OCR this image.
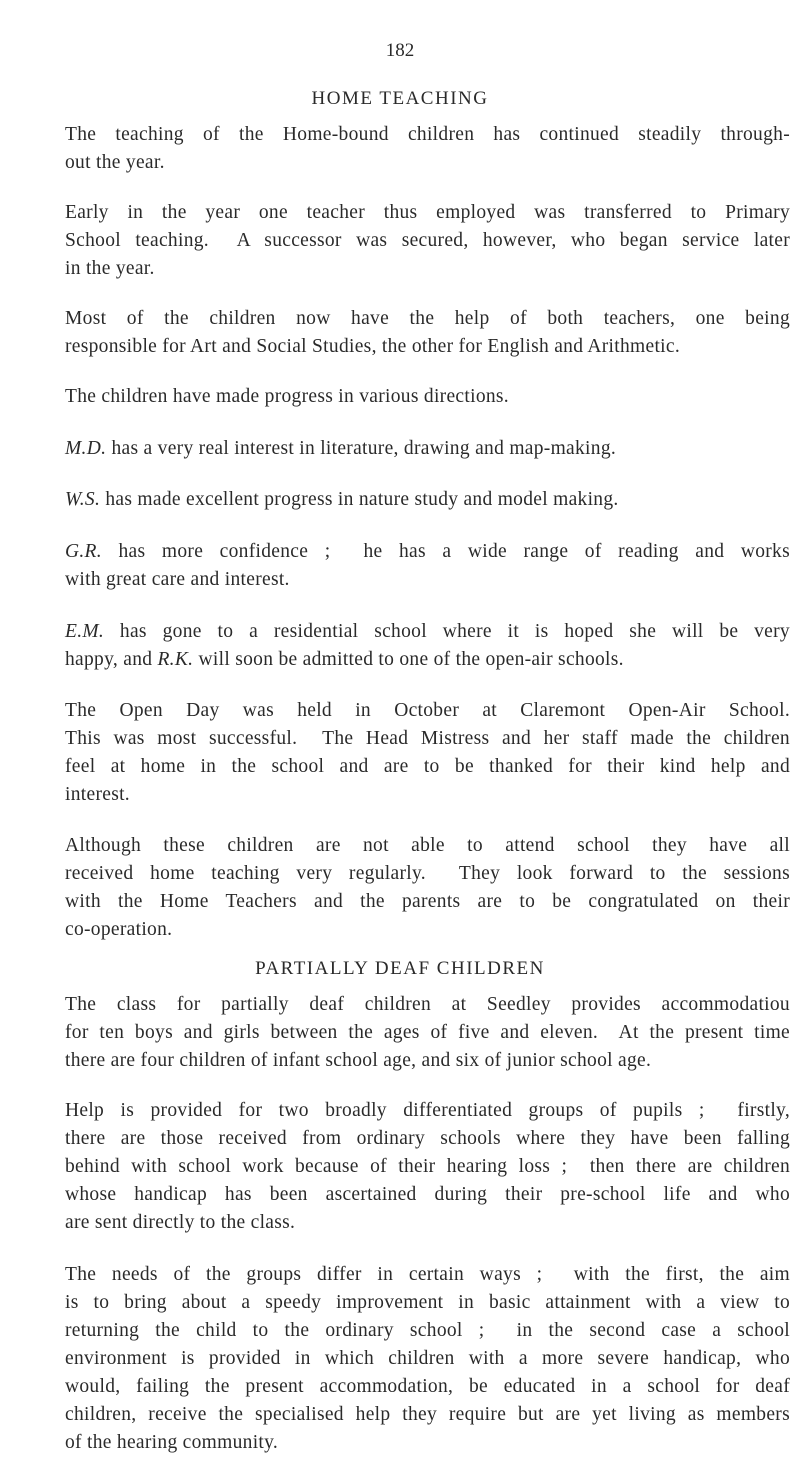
182
The teaching of the Home-bound children has continued steadily through-
out the year.
Early in the year one teacher thus employed was transferred to Primary
School teaching.  A successor was secured, however, who began service later
in the year.
Most of the children now have the help of both teachers, one being
responsible for Art and Social Studies, the other for English and Arithmetic.
The children have made progress in various directions.
M.D. has a very real interest in literature, drawing and map-making.
W.S. has made excellent progress in nature study and model making.
G.R. has more confidence ;  he has a wide range of reading and works
with great care and interest.
E.M. has gone to a residential school where it is hoped she will be very
happy, and R.K. will soon be admitted to one of the open-air schools.
The Open Day was held in October at Claremont Open-Air School.
This was most successful.  The Head Mistress and her staff made the children
feel at home in the school and are to be thanked for their kind help and
interest.
Although these children are not able to attend school they have all
received home teaching very regularly.  They look forward to the sessions
with the Home Teachers and the parents are to be congratulated on their
co-operation.
The class for partially deaf children at Seedley provides accommodatiou
for ten boys and girls between the ages of five and eleven.  At the present time
there are four children of infant school age, and six of junior school age.
Help is provided for two broadly differentiated groups of pupils ;  firstly,
there are those received from ordinary schools where they have been falling
behind with school work because of their hearing loss ;  then there are children
whose handicap has been ascertained during their pre-school life and who
are sent directly to the class.
The needs of the groups differ in certain ways ;  with the first, the aim
is to bring about a speedy improvement in basic attainment with a view to
returning the child to the ordinary school ;  in the second case a school
environment is provided in which children with a more severe handicap, who
would, failing the present accommodation, be educated in a school for deaf
children, receive the specialised help they require but are yet living as members
of the hearing community.
HOME TEACHING
PARTIALLY DEAF CHILDREN
